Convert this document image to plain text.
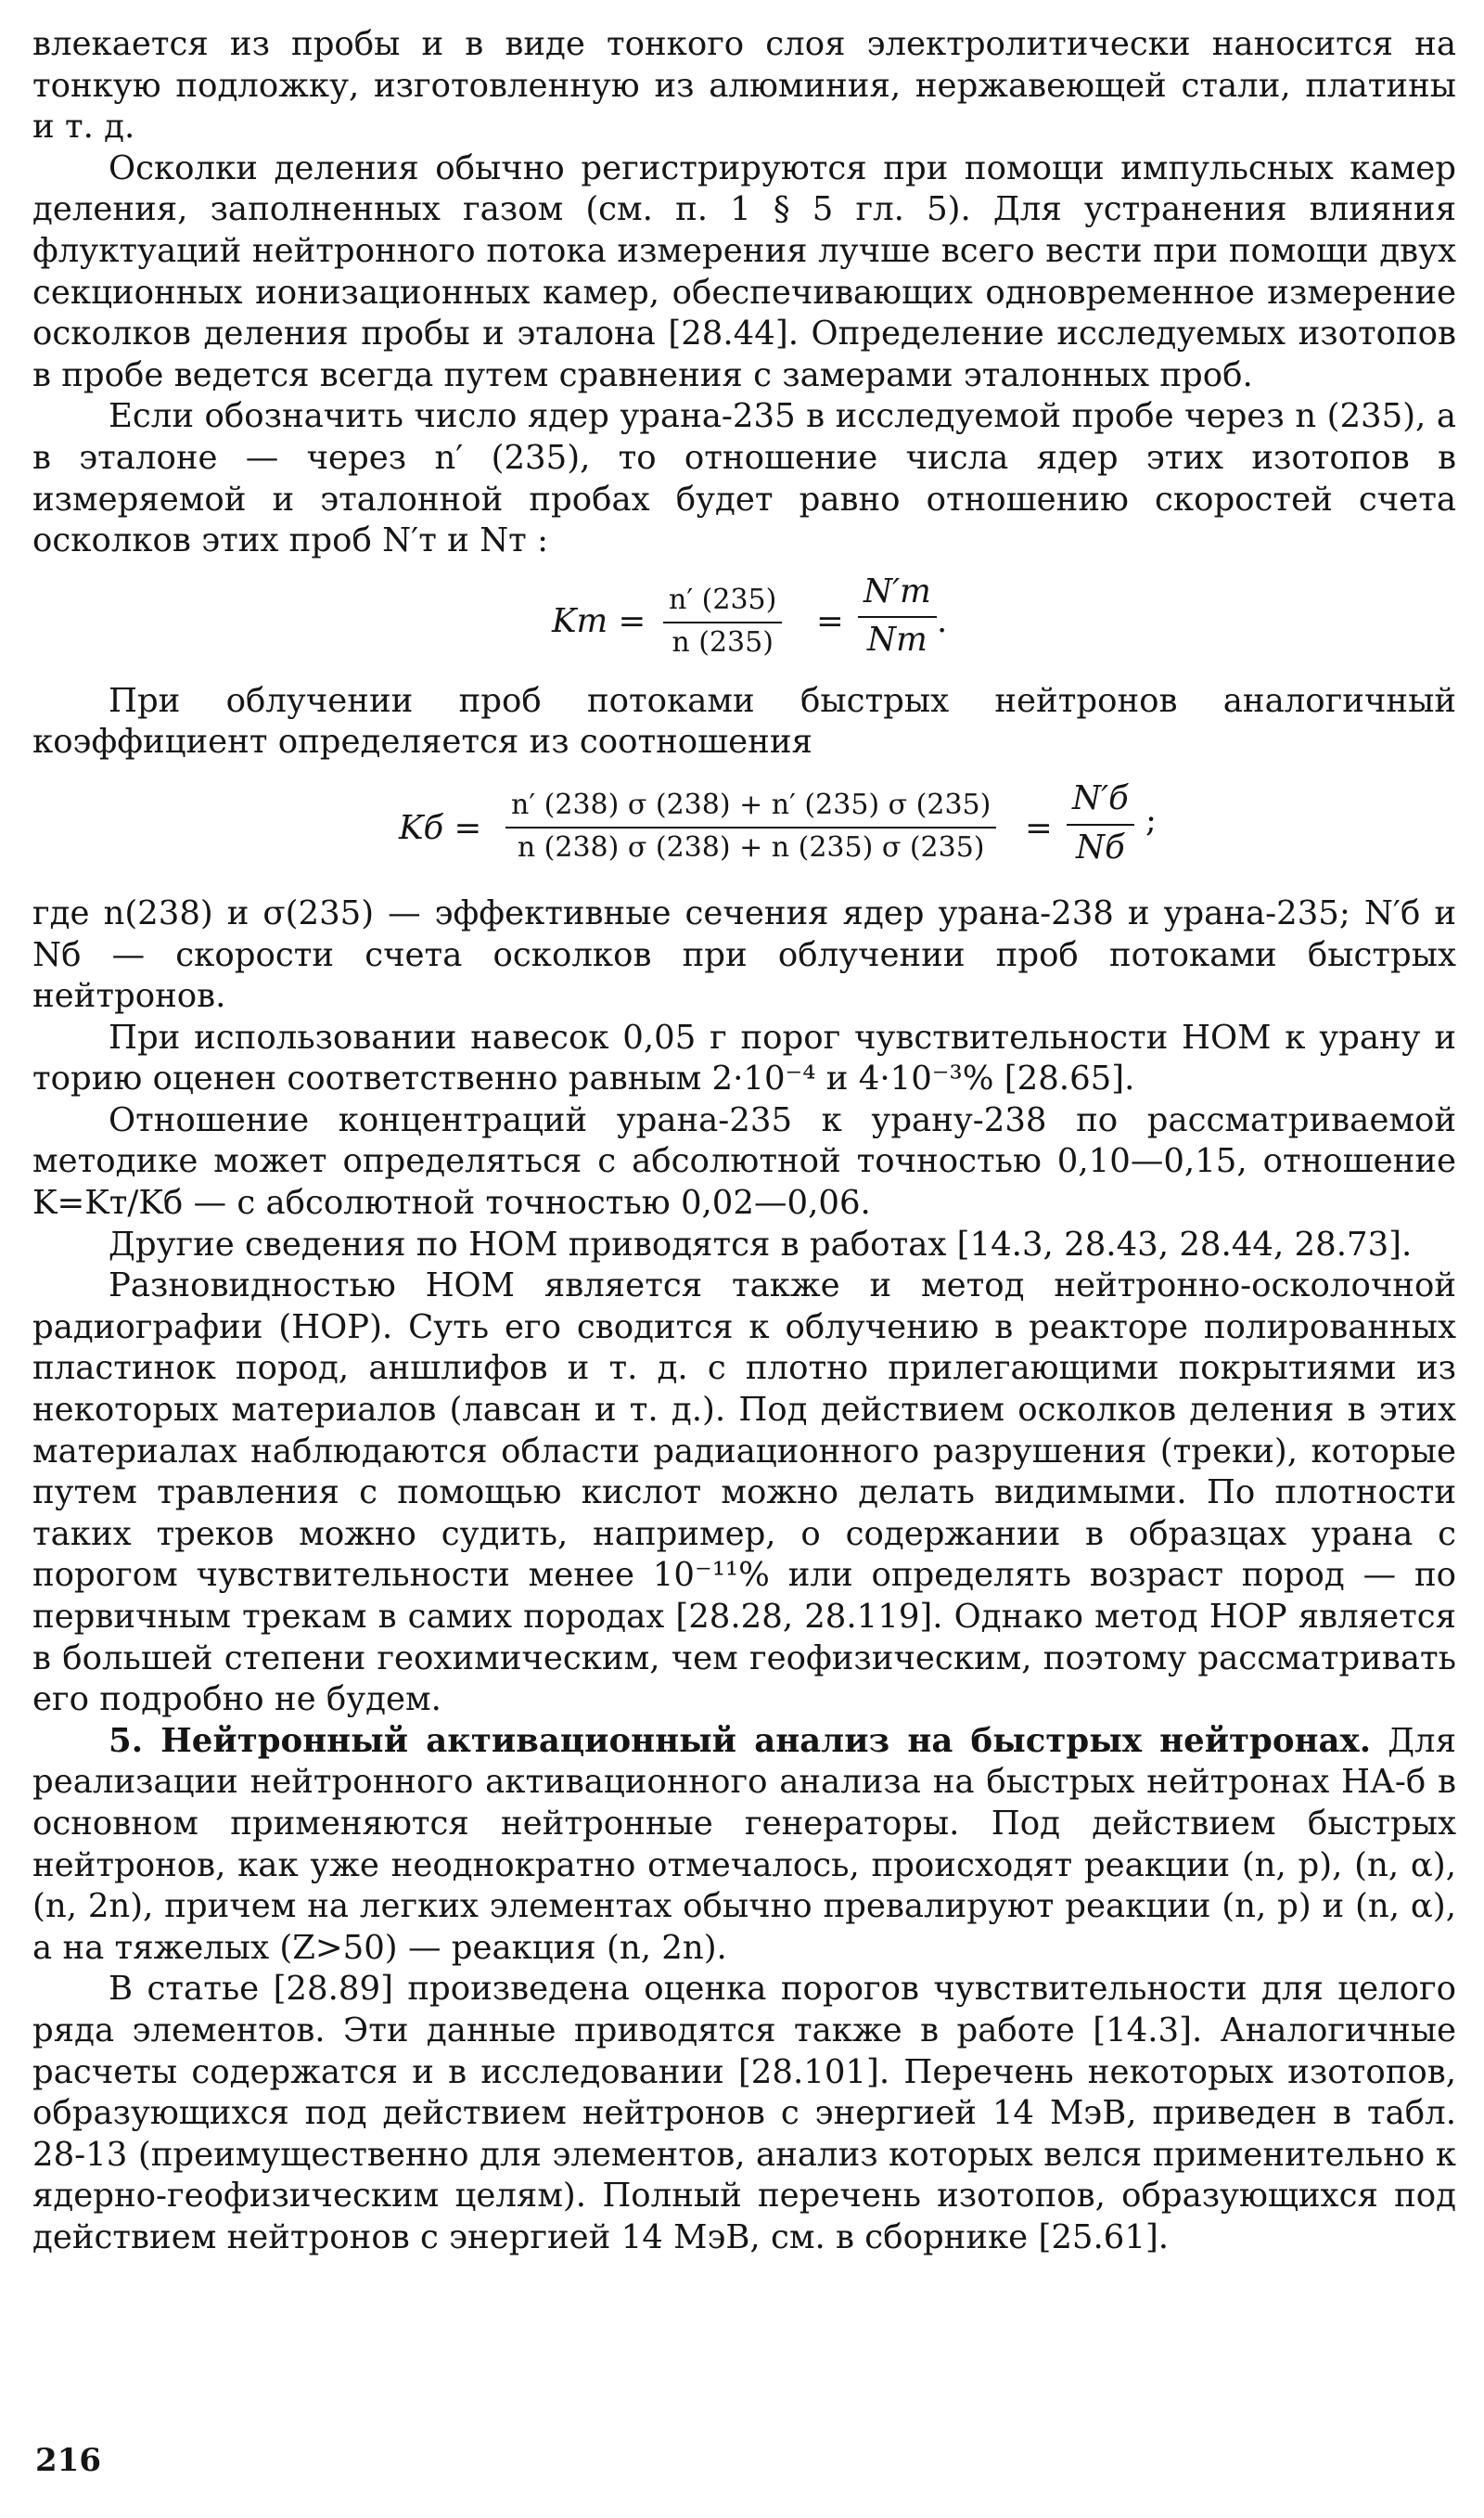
влекается из пробы и в виде тонкого слоя электролитически наносится на тонкую подложку, изготовленную из алюминия, нержавеющей стали, платины и т. д.

Осколки деления обычно регистрируются при помощи импульсных камер деления, заполненных газом (см. п. 1 § 5 гл. 5). Для устранения влияния флуктуаций нейтронного потока измерения лучше всего вести при помощи двух секционных ионизационных камер, обеспечивающих одновременное измерение осколков деления пробы и эталона [28.44]. Определение исследуемых изотопов в пробе ведется всегда путем сравнения с замерами эталонных проб.

Если обозначить число ядер урана-235 в исследуемой пробе через n (235), а в эталоне — через n′ (235), то отношение числа ядер этих изотопов в измеряемой и эталонной пробах будет равно отношению скоростей счета осколков этих проб N′т и Nт :

Kт = $\frac{n' (235)}{n (235)}$ =
N′т
Nт
.

При облучении проб потоками быстрых нейтронов аналогичный коэффициент определяется из соотношения

Kб = $\frac{n' (238) \sigma (238) + n' (235) \sigma (235)}{n (238) \sigma (238) + n (235) \sigma (235)}$ =
N′б
Nб
;

где n(238) и σ(235) — эффективные сечения ядер урана-238 и урана-235; N′б и Nб — скорости счета осколков при облучении проб потоками быстрых нейтронов.

При использовании навесок 0,05 г порог чувствительности НОМ к урану и торию оценен соответственно равным 2·10⁻⁴ и 4·10⁻³% [28.65].

Отношение концентраций урана-235 к урану-238 по рассматриваемой методике может определяться с абсолютной точностью 0,10—0,15, отношение K=Kт/Kб — с абсолютной точностью 0,02—0,06.

Другие сведения по НОМ приводятся в работах [14.3, 28.43, 28.44, 28.73].

Разновидностью НОМ является также и метод нейтронно-осколочной радиографии (НОР). Суть его сводится к облучению в реакторе полированных пластинок пород, аншлифов и т. д. с плотно прилегающими покрытиями из некоторых материалов (лавсан и т. д.). Под действием осколков деления в этих материалах наблюдаются области радиационного разрушения (треки), которые путем травления с помощью кислот можно делать видимыми. По плотности таких треков можно судить, например, о содержании в образцах урана с порогом чувствительности менее 10⁻¹¹% или определять возраст пород — по первичным трекам в самих породах [28.28, 28.119]. Однако метод НОР является в большей степени геохимическим, чем геофизическим, поэтому рассматривать его подробно не будем.

5. Нейтронный активационный анализ на быстрых нейтронах. Для реализации нейтронного активационного анализа на быстрых нейтронах НА-б в основном применяются нейтронные генераторы. Под действием быстрых нейтронов, как уже неоднократно отмечалось, происходят реакции (n, p), (n, α), (n, 2n), причем на легких элементах обычно превалируют реакции (n, p) и (n, α), а на тяжелых (Z>50) — реакция (n, 2n).

В статье [28.89] произведена оценка порогов чувствительности для целого ряда элементов. Эти данные приводятся также в работе [14.3]. Аналогичные расчеты содержатся и в исследовании [28.101]. Перечень некоторых изотопов, образующихся под действием нейтронов с энергией 14 МэВ, приведен в табл. 28-13 (преимущественно для элементов, анализ которых велся применительно к ядерно-геофизическим целям). Полный перечень изотопов, образующихся под действием нейтронов с энергией 14 МэВ, см. в сборнике [25.61].

216
